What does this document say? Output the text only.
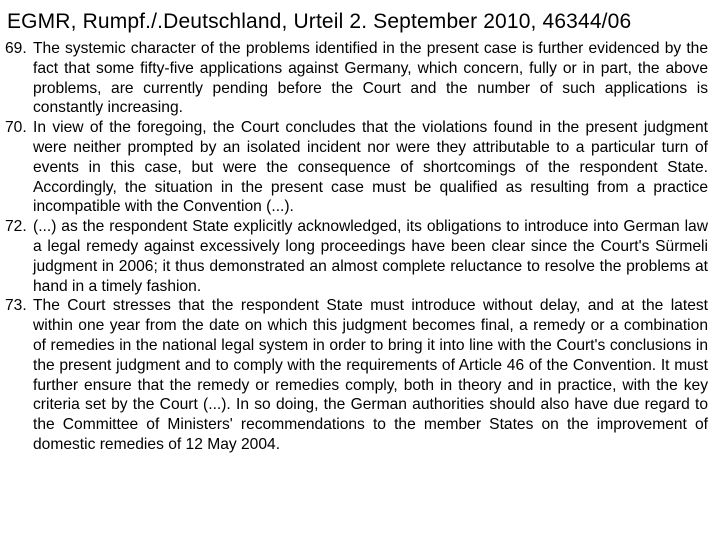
EGMR, Rumpf./.Deutschland, Urteil 2. September 2010, 46344/06

69. The systemic character of the problems identified in the present case is further evidenced by the fact that some fifty-five applications against Germany, which concern, fully or in part, the above problems, are currently pending before the Court and the number of such applications is constantly increasing.

70. In view of the foregoing, the Court concludes that the violations found in the present judgment were neither prompted by an isolated incident nor were they attributable to a particular turn of events in this case, but were the consequence of shortcomings of the respondent State. Accordingly, the situation in the present case must be qualified as resulting from a practice incompatible with the Convention (...).

72. (...) as the respondent State explicitly acknowledged, its obligations to introduce into German law a legal remedy against excessively long proceedings have been clear since the Court's Sürmeli judgment in 2006; it thus demonstrated an almost complete reluctance to resolve the problems at hand in a timely fashion.

73. The Court stresses that the respondent State must introduce without delay, and at the latest within one year from the date on which this judgment becomes final, a remedy or a combination of remedies in the national legal system in order to bring it into line with the Court's conclusions in the present judgment and to comply with the requirements of Article 46 of the Convention. It must further ensure that the remedy or remedies comply, both in theory and in practice, with the key criteria set by the Court (...). In so doing, the German authorities should also have due regard to the Committee of Ministers' recommendations to the member States on the improvement of domestic remedies of 12 May 2004.
